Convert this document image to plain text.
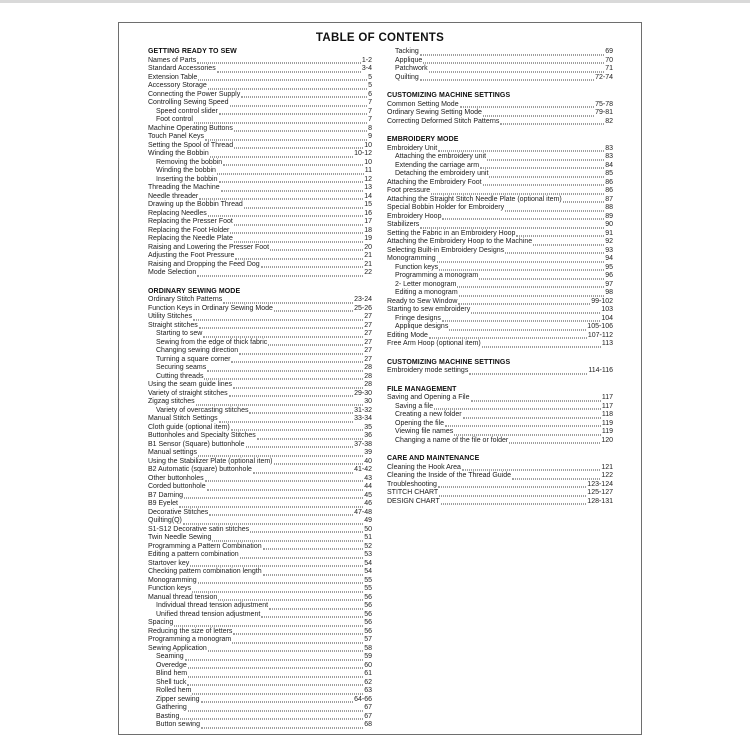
TABLE OF CONTENTS
GETTING READY TO SEW
Names of Parts	1-2
Standard Accessories	3-4
Extension Table	5
Accessory Storage	5
Connecting the Power Supply	6
Controlling Sewing Speed	7
Speed control slider	7
Foot control	7
Machine Operating Buttons	8
Touch Panel Keys	9
Setting the Spool of Thread	10
Winding the Bobbin	10-12
Removing the bobbin	10
Winding the bobbin	11
Inserting the bobbin	12
Threading the Machine	13
Needle threader	14
Drawing up the Bobbin Thread	15
Replacing Needles	16
Replacing the Presser Foot	17
Replacing the Foot Holder	18
Replacing the Needle Plate	19
Raising and Lowering the Presser Foot	20
Adjusting the Foot Pressure	21
Raising and Dropping the Feed Dog	21
Mode Selection	22
ORDINARY SEWING MODE
Ordinary Stitch Patterns	23-24
Function Keys in Ordinary Sewing Mode	25-26
Utility Stitches	27
Straight stitches	27
Starting to sew	27
Sewing from the edge of thick fabric	27
Changing sewing direction	27
Turning a square corner	27
Securing seams	28
Cutting threads	28
Using the seam guide lines	28
Variety of straight stitches	29-30
Zigzag stitches	30
Variety of overcasting stitches	31-32
Manual Stitch Settings	33-34
Cloth guide (optional item)	35
Buttonholes and Specialty Stitches	36
B1 Sensor (Square) buttonhole	37-38
Manual settings	39
Using the Stabilizer Plate (optional item)	40
B2 Automatic (square) buttonhole	41-42
Other buttonholes	43
Corded buttonhole	44
B7 Darning	45
B9 Eyelet	46
Decorative Stitches	47-48
Quilting(Q)	49
S1-S12 Decorative satin stitches	50
Twin Needle Sewing	51
Programming a Pattern Combination	52
Editing a pattern combination	53
Startover key	54
Checking pattern combination length	54
Monogramming	55
Function keys	55
Manual thread tension	56
Individual thread tension adjustment	56
Unified thread tension adjustment	56
Spacing	56
Reducing the size of letters	56
Programming a monogram	57
Sewing Application	58
Seaming	59
Overedge	60
Blind hem	61
Shell tuck	62
Rolled hem	63
Zipper sewing	64-66
Gathering	67
Basting	67
Button sewing	68
Tacking	69
Applique	70
Patchwork	71
Quilting	72-74
CUSTOMIZING MACHINE SETTINGS
Common Setting Mode	75-78
Ordinary Sewing Setting Mode	79-81
Correcting Deformed Stitch Patterns	82
EMBROIDERY MODE
Embroidery Unit	83
Attaching the embroidery unit	83
Extending the carriage arm	84
Detaching the embroidery unit	85
Attaching the Embroidery Foot	86
Foot pressure	86
Attaching the Straight Stitch Needle Plate (optional item)	87
Special Bobbin Holder for Embroidery	88
Embroidery Hoop	89
Stabilizers	90
Setting the Fabric in an Embroidery Hoop	91
Attaching the Embroidery Hoop to the Machine	92
Selecting Built-in Embroidery Designs	93
Monogramming	94
Function keys	95
Programming a monogram	96
2- Letter monogram	97
Editing a monogram	98
Ready to Sew Window	99-102
Starting to sew embroidery	103
Fringe designs	104
Applique designs	105-106
Editing Mode	107-112
Free Arm Hoop (optional item)	113
CUSTOMIZING MACHINE SETTINGS
Embroidery mode settings	114-116
FILE MANAGEMENT
Saving and Opening a File	117
Saving a file	117
Creating a new folder	118
Opening the file	119
Viewing file names	119
Changing a name of the file or folder	120
CARE AND MAINTENANCE
Cleaning the Hook Area	121
Cleaning the Inside of the Thread Guide	122
Troubleshooting	123-124
STITCH CHART	125-127
DESIGN CHART	128-131
